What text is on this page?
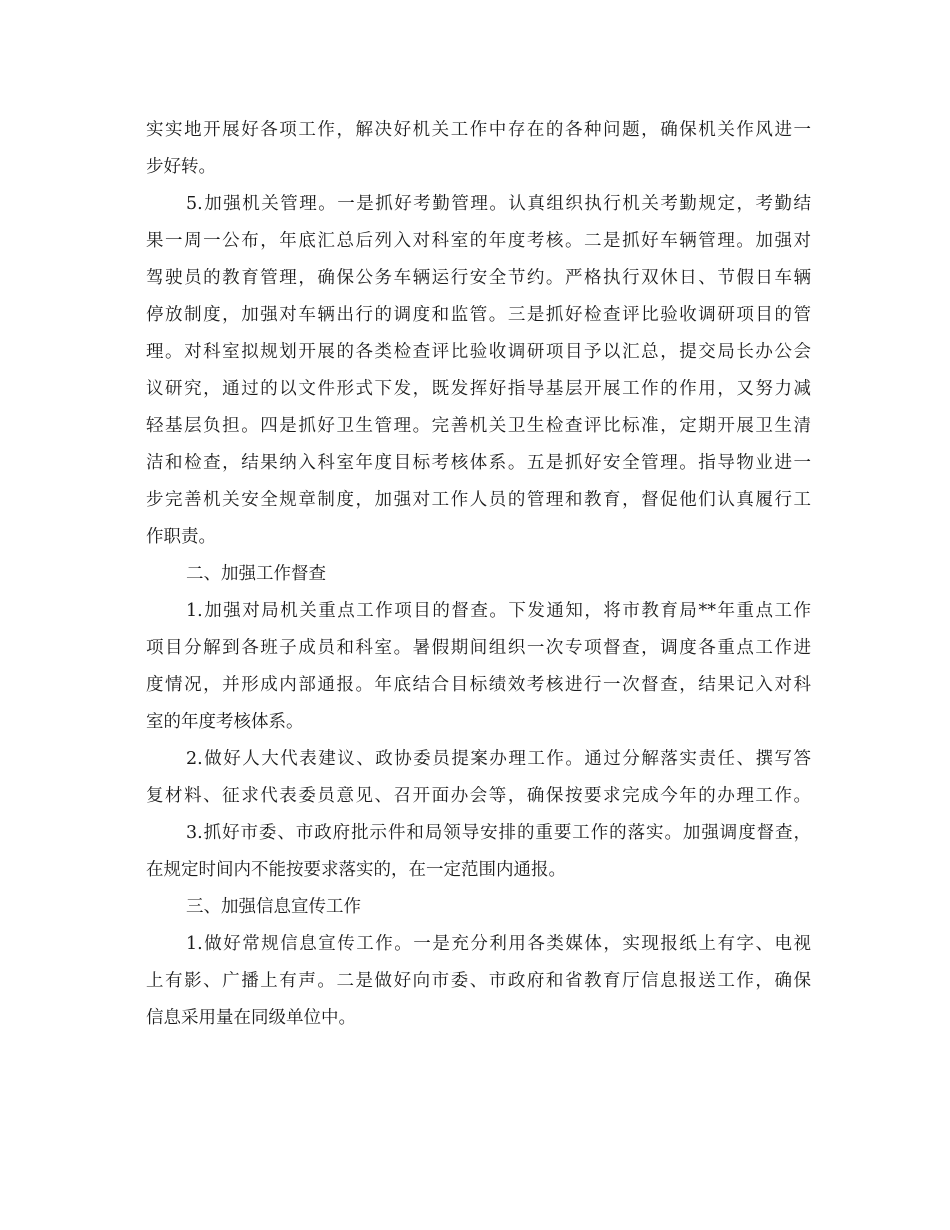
实实地开展好各项工作，解决好机关工作中存在的各种问题，确保机关作风进一
步好转。
5.加强机关管理。一是抓好考勤管理。认真组织执行机关考勤规定，考勤结
果一周一公布，年底汇总后列入对科室的年度考核。二是抓好车辆管理。加强对
驾驶员的教育管理，确保公务车辆运行安全节约。严格执行双休日、节假日车辆
停放制度，加强对车辆出行的调度和监管。三是抓好检查评比验收调研项目的管
理。对科室拟规划开展的各类检查评比验收调研项目予以汇总，提交局长办公会
议研究，通过的以文件形式下发，既发挥好指导基层开展工作的作用，又努力减
轻基层负担。四是抓好卫生管理。完善机关卫生检查评比标准，定期开展卫生清
洁和检查，结果纳入科室年度目标考核体系。五是抓好安全管理。指导物业进一
步完善机关安全规章制度，加强对工作人员的管理和教育，督促他们认真履行工
作职责。
二、加强工作督查
1.加强对局机关重点工作项目的督查。下发通知，将市教育局**年重点工作
项目分解到各班子成员和科室。暑假期间组织一次专项督查，调度各重点工作进
度情况，并形成内部通报。年底结合目标绩效考核进行一次督查，结果记入对科
室的年度考核体系。
2.做好人大代表建议、政协委员提案办理工作。通过分解落实责任、撰写答
复材料、征求代表委员意见、召开面办会等，确保按要求完成今年的办理工作。
3.抓好市委、市政府批示件和局领导安排的重要工作的落实。加强调度督查，
在规定时间内不能按要求落实的，在一定范围内通报。
三、加强信息宣传工作
1.做好常规信息宣传工作。一是充分利用各类媒体，实现报纸上有字、电视
上有影、广播上有声。二是做好向市委、市政府和省教育厅信息报送工作，确保
信息采用量在同级单位中。
